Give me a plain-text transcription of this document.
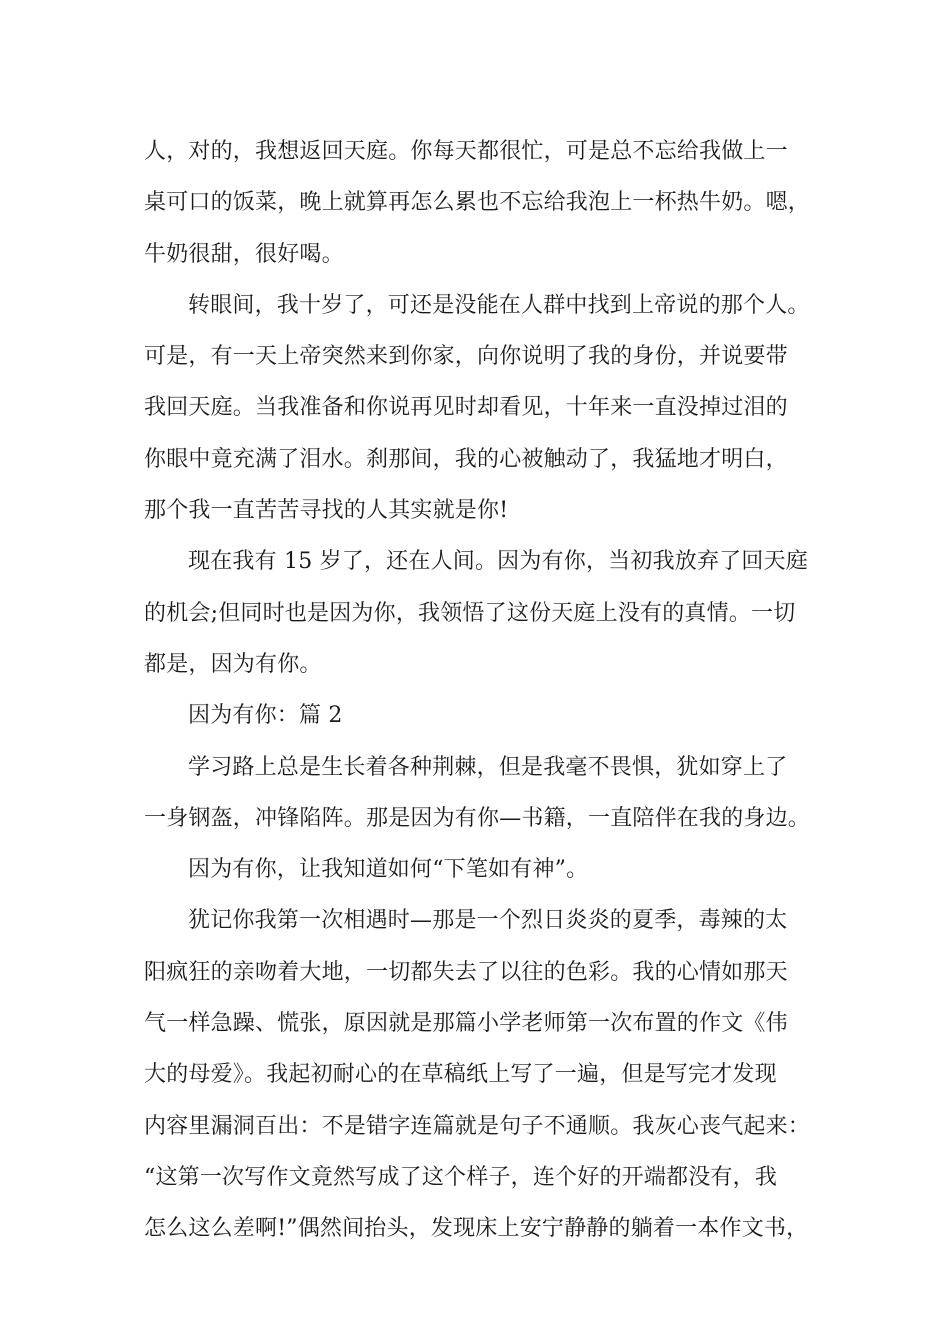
人，对的，我想返回天庭。你每天都很忙，可是总不忘给我做上一
桌可口的饭菜，晚上就算再怎么累也不忘给我泡上一杯热牛奶。嗯，
牛奶很甜，很好喝。
转眼间，我十岁了，可还是没能在人群中找到上帝说的那个人。
可是，有一天上帝突然来到你家，向你说明了我的身份，并说要带
我回天庭。当我准备和你说再见时却看见，十年来一直没掉过泪的
你眼中竟充满了泪水。刹那间，我的心被触动了，我猛地才明白，
那个我一直苦苦寻找的人其实就是你!
现在我有 15 岁了，还在人间。因为有你，当初我放弃了回天庭
的机会;但同时也是因为你，我领悟了这份天庭上没有的真情。一切
都是，因为有你。
因为有你：篇 2
学习路上总是生长着各种荆棘，但是我毫不畏惧，犹如穿上了
一身钢盔，冲锋陷阵。那是因为有你—书籍，一直陪伴在我的身边。
因为有你，让我知道如何“下笔如有神”。
犹记你我第一次相遇时—那是一个烈日炎炎的夏季，毒辣的太
阳疯狂的亲吻着大地，一切都失去了以往的色彩。我的心情如那天
气一样急躁、慌张，原因就是那篇小学老师第一次布置的作文《伟
大的母爱》。我起初耐心的在草稿纸上写了一遍，但是写完才发现
内容里漏洞百出：不是错字连篇就是句子不通顺。我灰心丧气起来：
“这第一次写作文竟然写成了这个样子，连个好的开端都没有，我
怎么这么差啊!”偶然间抬头，发现床上安宁静静的躺着一本作文书，
